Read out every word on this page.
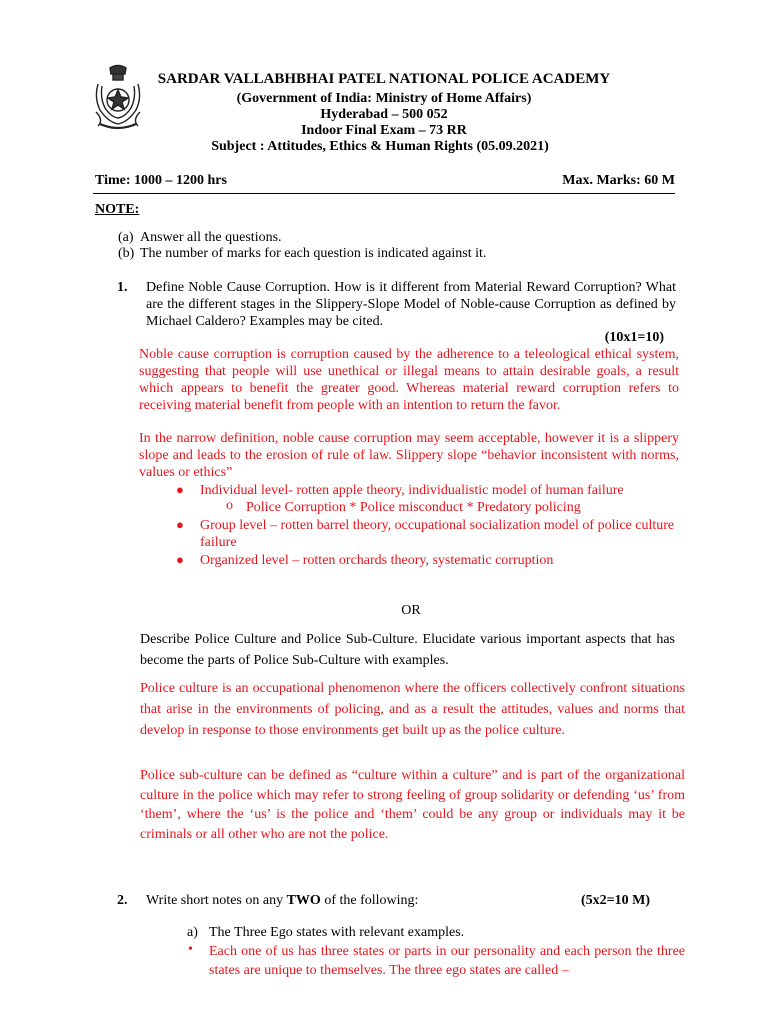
SARDAR VALLABHBHAI PATEL NATIONAL POLICE ACADEMY
(Government of India: Ministry of Home Affairs)
Hyderabad – 500 052
Indoor Final Exam – 73 RR
Subject : Attitudes, Ethics & Human Rights (05.09.2021)
Time: 1000 – 1200 hrs	Max. Marks: 60 M
NOTE:
(a) Answer all the questions.
(b) The number of marks for each question is indicated against it.
1. Define Noble Cause Corruption. How is it different from Material Reward Corruption? What are the different stages in the Slippery-Slope Model of Noble-cause Corruption as defined by Michael Caldero? Examples may be cited.
(10x1=10)
Noble cause corruption is corruption caused by the adherence to a teleological ethical system, suggesting that people will use unethical or illegal means to attain desirable goals, a result which appears to benefit the greater good. Whereas material reward corruption refers to receiving material benefit from people with an intention to return the favor.
In the narrow definition, noble cause corruption may seem acceptable, however it is a slippery slope and leads to the erosion of rule of law. Slippery slope “behavior inconsistent with norms, values or ethics”
● Individual level- rotten apple theory, individualistic model of human failure
o Police Corruption * Police misconduct * Predatory policing
● Group level – rotten barrel theory, occupational socialization model of police culture failure
● Organized level – rotten orchards theory, systematic corruption
OR
Describe Police Culture and Police Sub-Culture. Elucidate various important aspects that has become the parts of Police Sub-Culture with examples.
Police culture is an occupational phenomenon where the officers collectively confront situations that arise in the environments of policing, and as a result the attitudes, values and norms that develop in response to those environments get built up as the police culture.
Police sub-culture can be defined as “culture within a culture” and is part of the organizational culture in the police which may refer to strong feeling of group solidarity or defending ‘us’ from ‘them’, where the ‘us’ is the police and ‘them’ could be any group or individuals may it be criminals or all other who are not the police.
2. Write short notes on any TWO of the following:	(5x2=10 M)
a) The Three Ego states with relevant examples.
• Each one of us has three states or parts in our personality and each person the three states are unique to themselves. The three ego states are called –
